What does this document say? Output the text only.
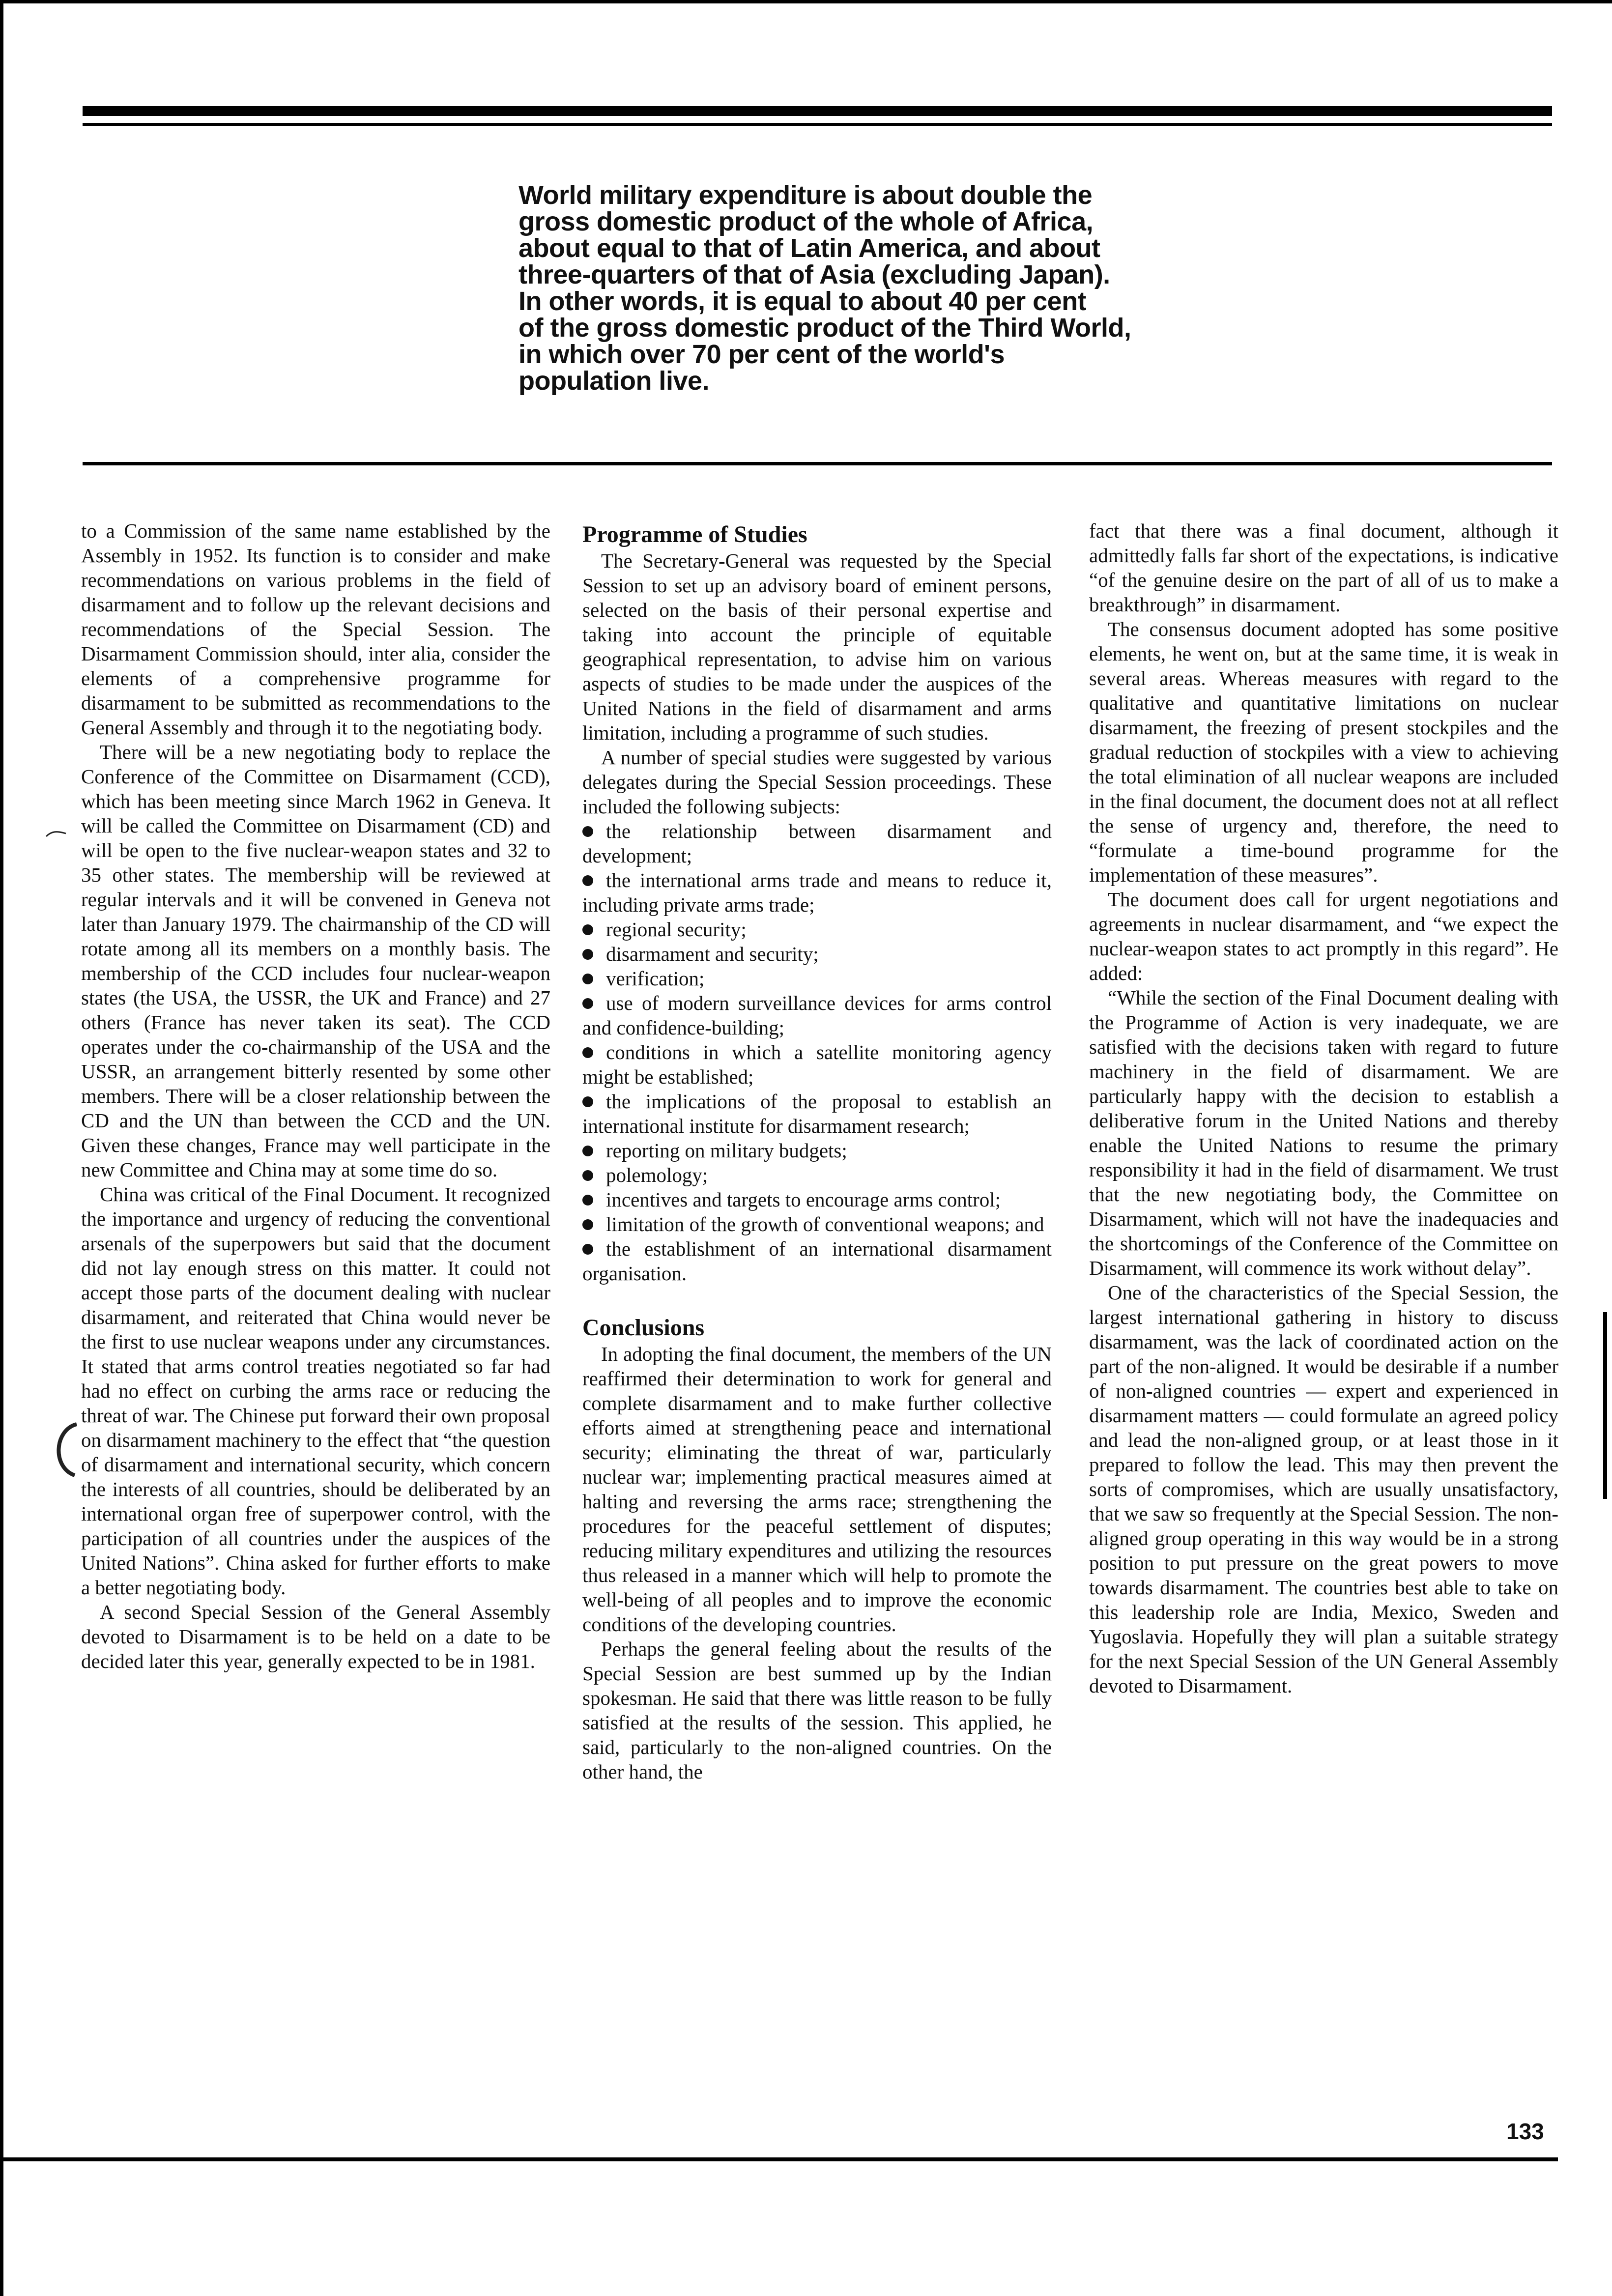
World military expenditure is about double the
gross domestic product of the whole of Africa,
about equal to that of Latin America, and about
three-quarters of that of Asia (excluding Japan).
In other words, it is equal to about 40 per cent
of the gross domestic product of the Third World,
in which over 70 per cent of the world's
population live.

to a Commission of the same name established by the Assembly in 1952. Its function is to consider and make recommendations on various problems in the field of disarmament and to follow up the relevant decisions and recommendations of the Special Session. The Disarmament Commission should, inter alia, consider the elements of a comprehensive programme for disarmament to be submitted as recommendations to the General Assembly and through it to the negotiating body.

There will be a new negotiating body to replace the Conference of the Committee on Disarmament (CCD), which has been meeting since March 1962 in Geneva. It will be called the Committee on Disarmament (CD) and will be open to the five nuclear-weapon states and 32 to 35 other states. The membership will be reviewed at regular intervals and it will be convened in Geneva not later than January 1979. The chairmanship of the CD will rotate among all its members on a monthly basis. The membership of the CCD includes four nuclear-weapon states (the USA, the USSR, the UK and France) and 27 others (France has never taken its seat). The CCD operates under the co-chairmanship of the USA and the USSR, an arrangement bitterly resented by some other members. There will be a closer relationship between the CD and the UN than between the CCD and the UN. Given these changes, France may well participate in the new Committee and China may at some time do so.

China was critical of the Final Document. It recognized the importance and urgency of reducing the conventional arsenals of the superpowers but said that the document did not lay enough stress on this matter. It could not accept those parts of the document dealing with nuclear disarmament, and reiterated that China would never be the first to use nuclear weapons under any circumstances. It stated that arms control treaties negotiated so far had had no effect on curbing the arms race or reducing the threat of war. The Chinese put forward their own proposal on disarmament machinery to the effect that “the question of disarmament and international security, which concern the interests of all countries, should be deliberated by an international organ free of superpower control, with the participation of all countries under the auspices of the United Nations”. China asked for further efforts to make a better negotiating body.

A second Special Session of the General Assembly devoted to Disarmament is to be held on a date to be decided later this year, generally expected to be in 1981.

Programme of Studies

The Secretary-General was requested by the Special Session to set up an advisory board of eminent persons, selected on the basis of their personal expertise and taking into account the principle of equitable geographical representation, to advise him on various aspects of studies to be made under the auspices of the United Nations in the field of disarmament and arms limitation, including a programme of such studies.

A number of special studies were suggested by various delegates during the Special Session proceedings. These included the following subjects:

the relationship between disarmament and development;
the international arms trade and means to reduce it, including private arms trade;
regional security;
disarmament and security;
verification;
use of modern surveillance devices for arms control and confidence-building;
conditions in which a satellite monitoring agency might be established;
the implications of the proposal to establish an international institute for disarmament research;
reporting on military budgets;
polemology;
incentives and targets to encourage arms control;
limitation of the growth of conventional weapons; and
the establishment of an international disarmament organisation.
Conclusions

In adopting the final document, the members of the UN reaffirmed their determination to work for general and complete disarmament and to make further collective efforts aimed at strengthening peace and international security; eliminating the threat of war, particularly nuclear war; implementing practical measures aimed at halting and reversing the arms race; strengthening the procedures for the peaceful settlement of disputes; reducing military expenditures and utilizing the resources thus released in a manner which will help to promote the well-being of all peoples and to improve the economic conditions of the developing countries.

Perhaps the general feeling about the results of the Special Session are best summed up by the Indian spokesman. He said that there was little reason to be fully satisfied at the results of the session. This applied, he said, particularly to the non-aligned countries. On the other hand, the

fact that there was a final document, although it admittedly falls far short of the expectations, is indicative “of the genuine desire on the part of all of us to make a breakthrough” in disarmament.

The consensus document adopted has some positive elements, he went on, but at the same time, it is weak in several areas. Whereas measures with regard to the qualitative and quantitative limitations on nuclear disarmament, the freezing of present stockpiles and the gradual reduction of stockpiles with a view to achieving the total elimination of all nuclear weapons are included in the final document, the document does not at all reflect the sense of urgency and, therefore, the need to “formulate a time-bound programme for the implementation of these measures”.

The document does call for urgent negotiations and agreements in nuclear disarmament, and “we expect the nuclear-weapon states to act promptly in this regard”. He added:

“While the section of the Final Document dealing with the Programme of Action is very inadequate, we are satisfied with the decisions taken with regard to future machinery in the field of disarmament. We are particularly happy with the decision to establish a deliberative forum in the United Nations and thereby enable the United Nations to resume the primary responsibility it had in the field of disarmament. We trust that the new negotiating body, the Committee on Disarmament, which will not have the inadequacies and the shortcomings of the Conference of the Committee on Disarmament, will commence its work without delay”.

One of the characteristics of the Special Session, the largest international gathering in history to discuss disarmament, was the lack of coordinated action on the part of the non-aligned. It would be desirable if a number of non-aligned countries — expert and experienced in disarmament matters — could formulate an agreed policy and lead the non-aligned group, or at least those in it prepared to follow the lead. This may then prevent the sorts of compromises, which are usually unsatisfactory, that we saw so frequently at the Special Session. The non-aligned group operating in this way would be in a strong position to put pressure on the great powers to move towards disarmament. The countries best able to take on this leadership role are India, Mexico, Sweden and Yugoslavia. Hopefully they will plan a suitable strategy for the next Special Session of the UN General Assembly devoted to Disarmament.

133
